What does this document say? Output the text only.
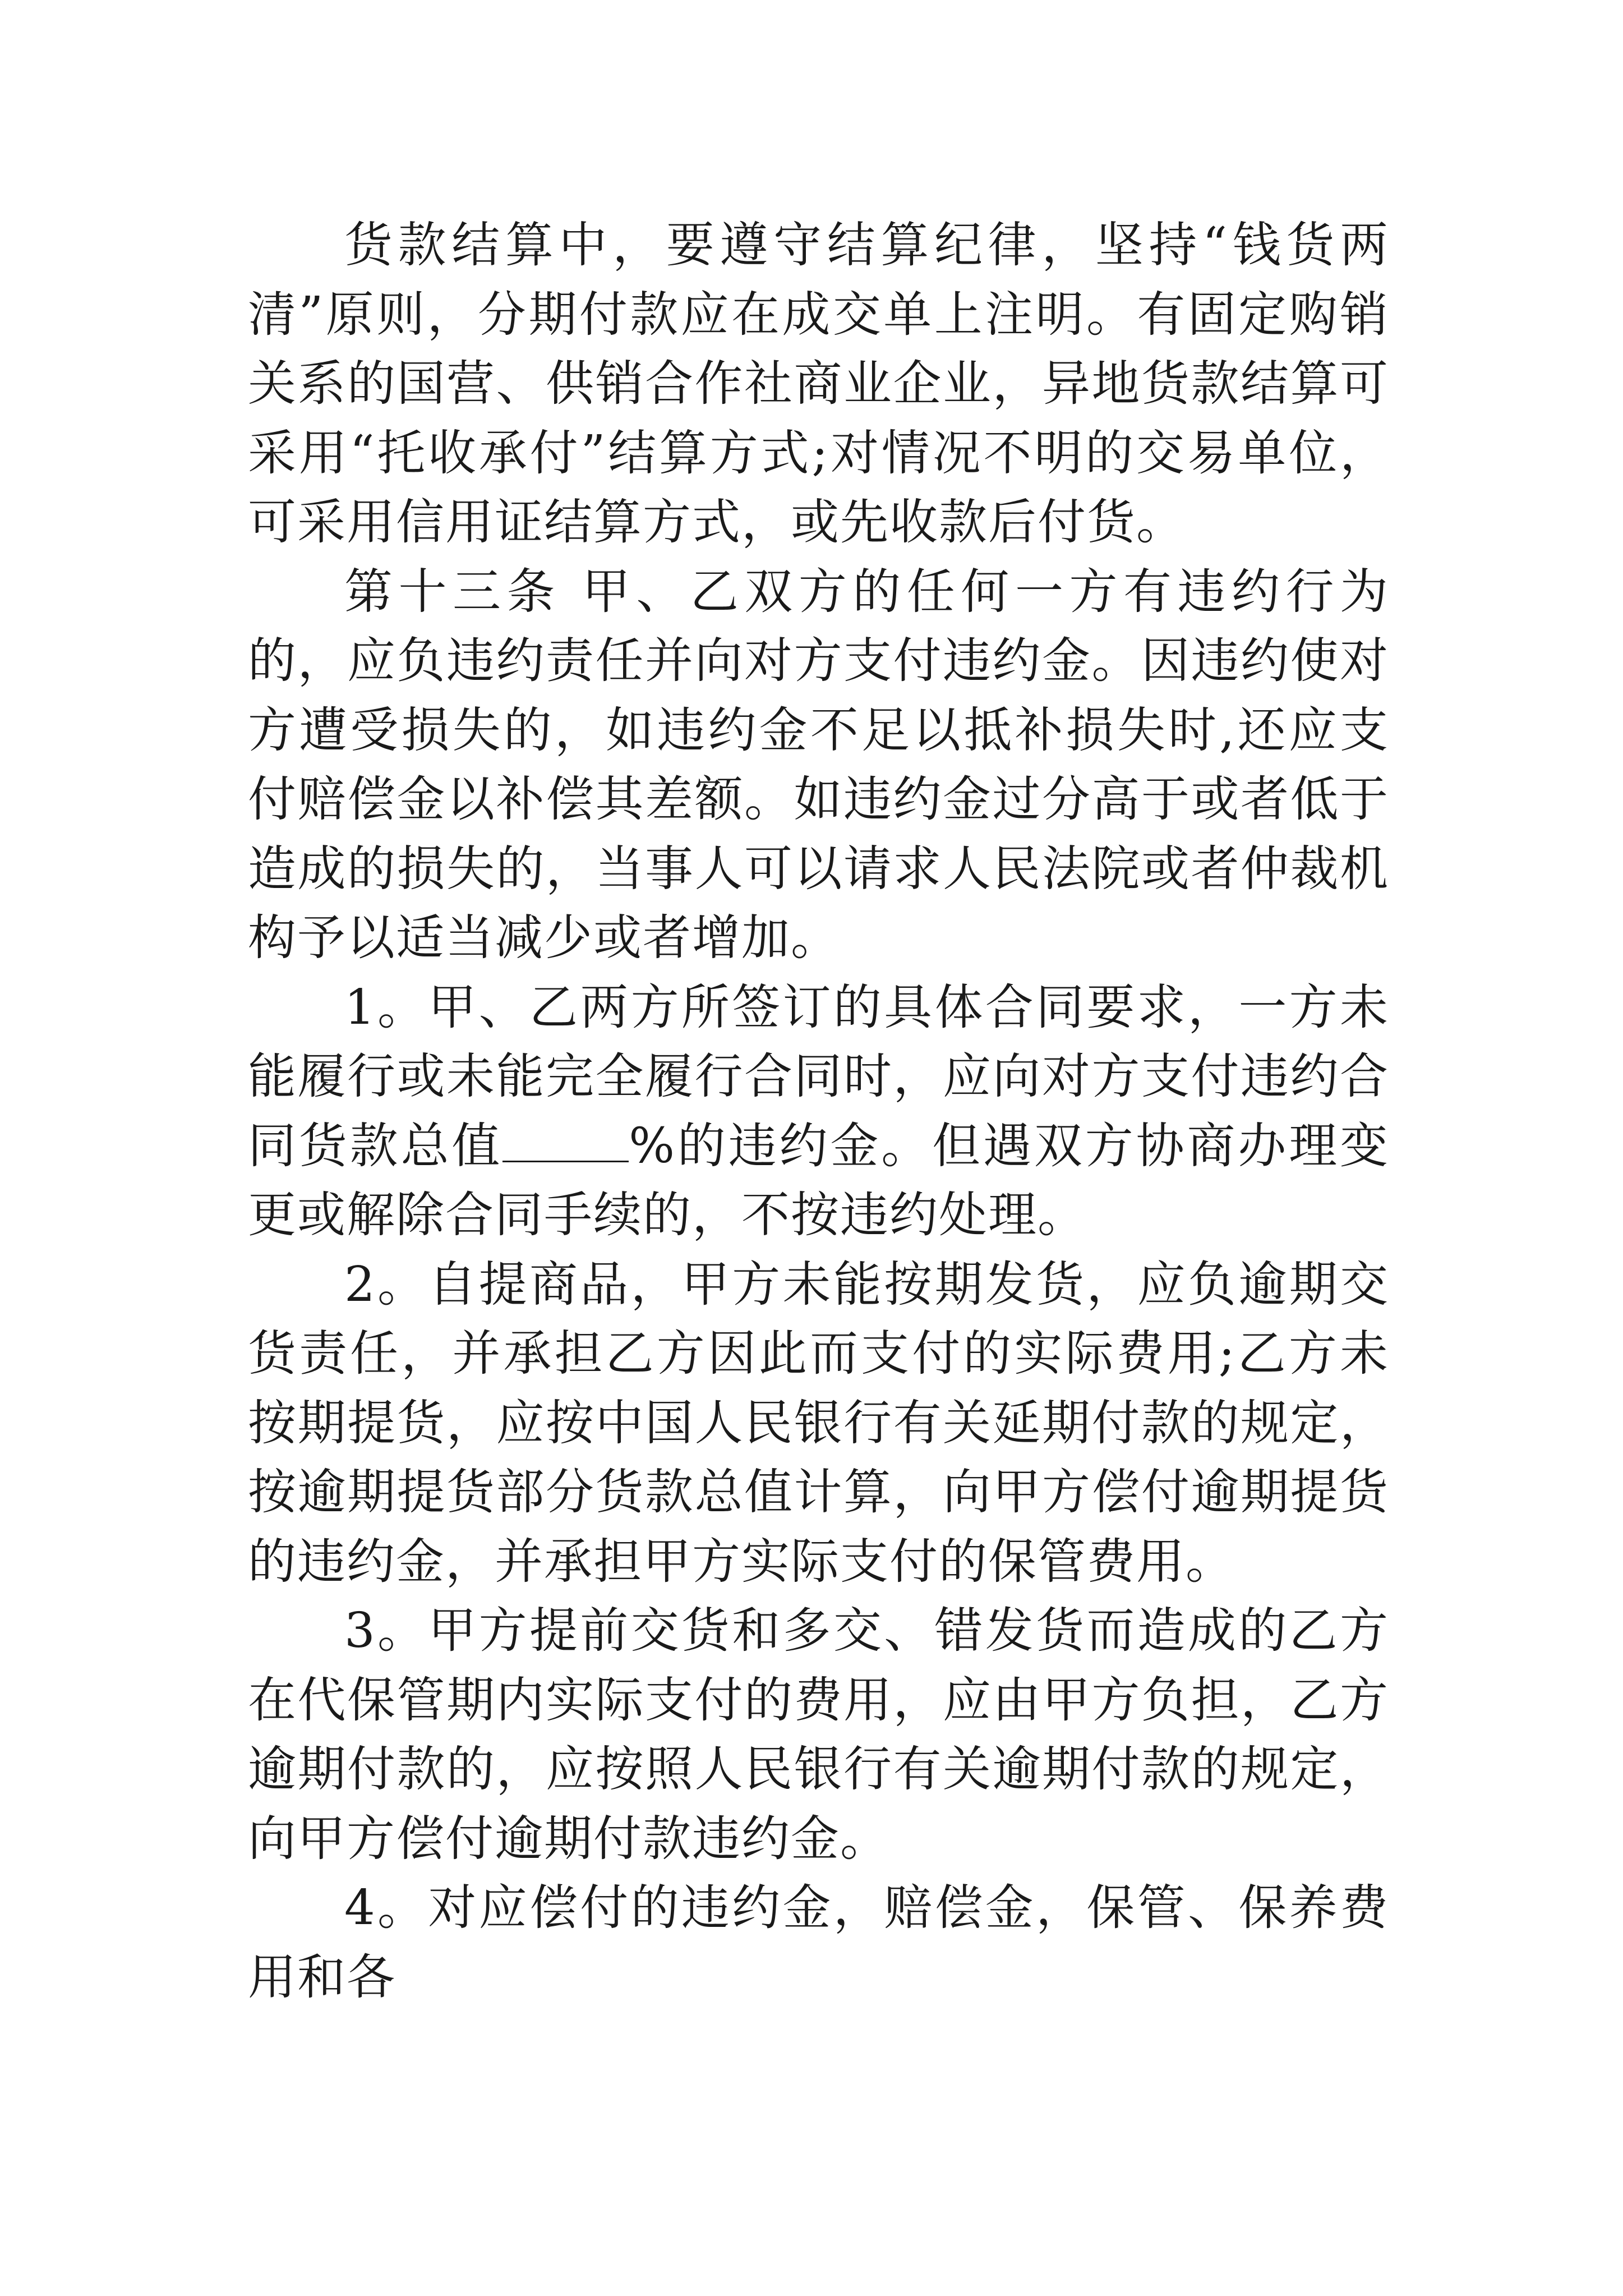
货款结算中，要遵守结算纪律，坚持“钱货两清”原则，分期付款应在成交单上注明。有固定购销关系的国营、供销合作社商业企业，异地货款结算可采用“托收承付”结算方式;对情况不明的交易单位，可采用信用证结算方式，或先收款后付货。

第十三条 甲、乙双方的任何一方有违约行为的，应负违约责任并向对方支付违约金。因违约使对方遭受损失的，如违约金不足以抵补损失时,还应支付赔偿金以补偿其差额。如违约金过分高于或者低于造成的损失的，当事人可以请求人民法院或者仲裁机构予以适当减少或者增加。

1。甲、乙两方所签订的具体合同要求，一方未能履行或未能完全履行合同时，应向对方支付违约合同货款总值	%的违约金。但遇双方协商办理变更或解除合同手续的，不按违约处理。

2。自提商品，甲方未能按期发货，应负逾期交货责任，并承担乙方因此而支付的实际费用;乙方未按期提货，应按中国人民银行有关延期付款的规定，按逾期提货部分货款总值计算，向甲方偿付逾期提货的违约金，并承担甲方实际支付的保管费用。

3。甲方提前交货和多交、错发货而造成的乙方在代保管期内实际支付的费用，应由甲方负担，乙方逾期付款的，应按照人民银行有关逾期付款的规定，向甲方偿付逾期付款违约金。

4。对应偿付的违约金，赔偿金，保管、保养费用和各
